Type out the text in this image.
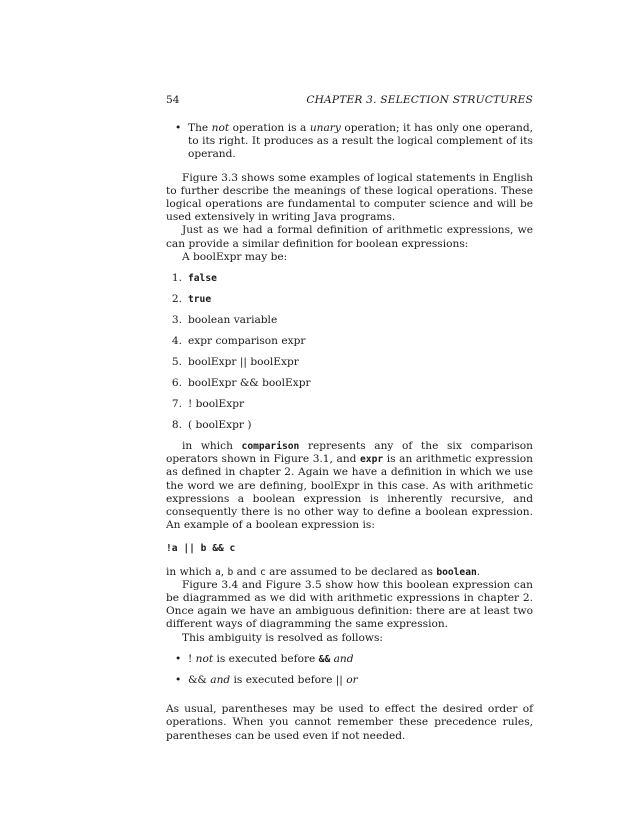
54	CHAPTER 3. SELECTION STRUCTURES
• The not operation is a unary operation; it has only one operand, to its right. It produces as a result the logical complement of its operand.

Figure 3.3 shows some examples of logical statements in English to further describe the meanings of these logical operations. These logical operations are fundamental to computer science and will be used extensively in writing Java programs.

Just as we had a formal definition of arithmetic expressions, we can provide a similar definition for boolean expressions:

A boolExpr may be:

1. false
2. true
3. boolean variable
4. expr comparison expr
5. boolExpr || boolExpr
6. boolExpr && boolExpr
7. ! boolExpr
8. ( boolExpr )

in which comparison represents any of the six comparison operators shown in Figure 3.1, and expr is an arithmetic expression as defined in chapter 2. Again we have a definition in which we use the word we are defining, boolExpr in this case. As with arithmetic expressions a boolean expression is inherently recursive, and consequently there is no other way to define a boolean expression. An example of a boolean expression is:

!a || b && c

in which a, b and c are assumed to be declared as boolean.

Figure 3.4 and Figure 3.5 show how this boolean expression can be diagrammed as we did with arithmetic expressions in chapter 2. Once again we have an ambiguous definition: there are at least two different ways of diagramming the same expression.

This ambiguity is resolved as follows:

• ! not is executed before && and
• && and is executed before || or

As usual, parentheses may be used to effect the desired order of operations. When you cannot remember these precedence rules, parentheses can be used even if not needed.
